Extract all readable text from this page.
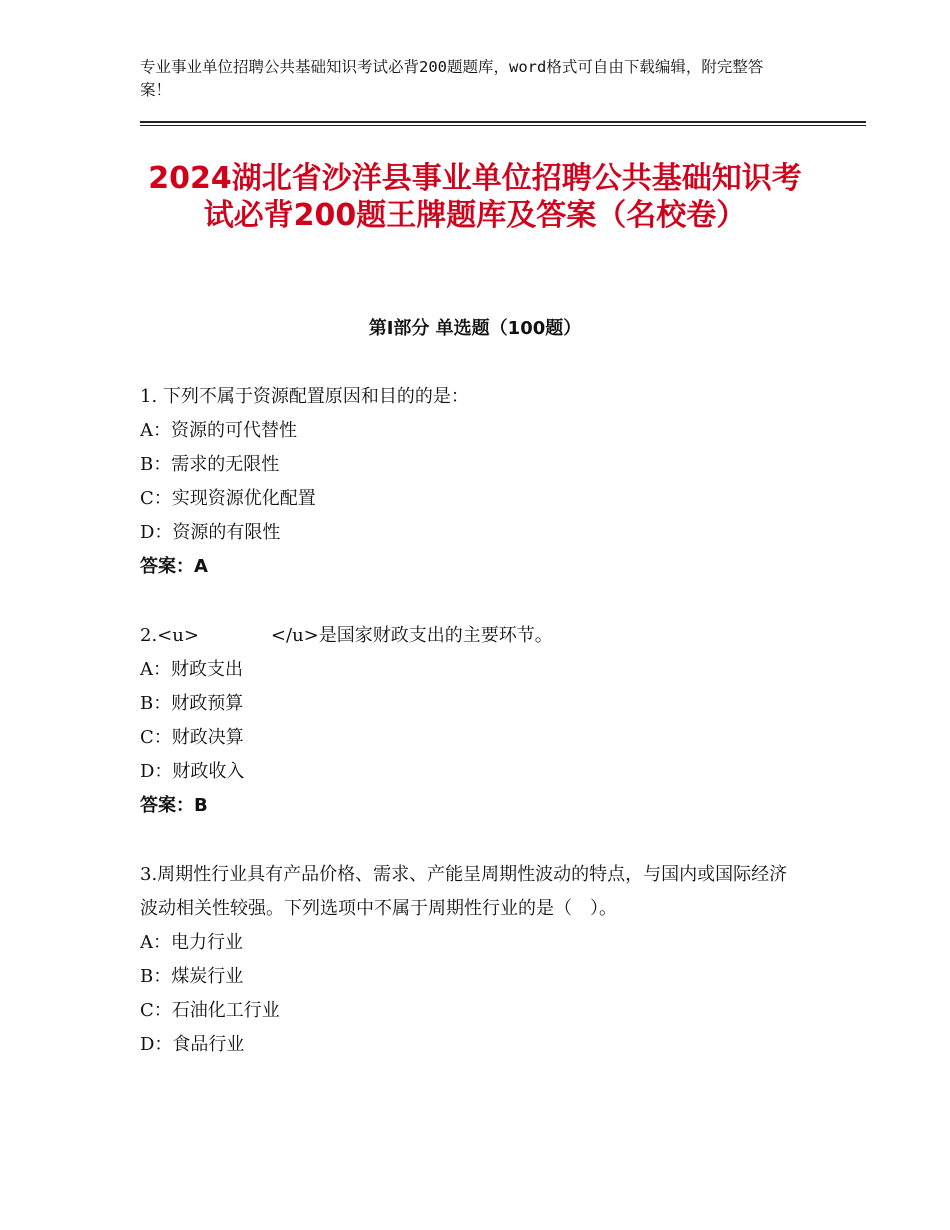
专业事业单位招聘公共基础知识考试必背200题题库，word格式可自由下载编辑，附完整答案！
2024湖北省沙洋县事业单位招聘公共基础知识考试必背200题王牌题库及答案（名校卷）
第Ⅰ部分 单选题（100题）
1. 下列不属于资源配置原因和目的的是：
A：资源的可代替性
B：需求的无限性
C：实现资源优化配置
D：资源的有限性
答案：A
2.<u>　　　　</u>是国家财政支出的主要环节。
A：财政支出
B：财政预算
C：财政决算
D：财政收入
答案：B
3.周期性行业具有产品价格、需求、产能呈周期性波动的特点，与国内或国际经济波动相关性较强。下列选项中不属于周期性行业的是（　）。
A：电力行业
B：煤炭行业
C：石油化工行业
D：食品行业
